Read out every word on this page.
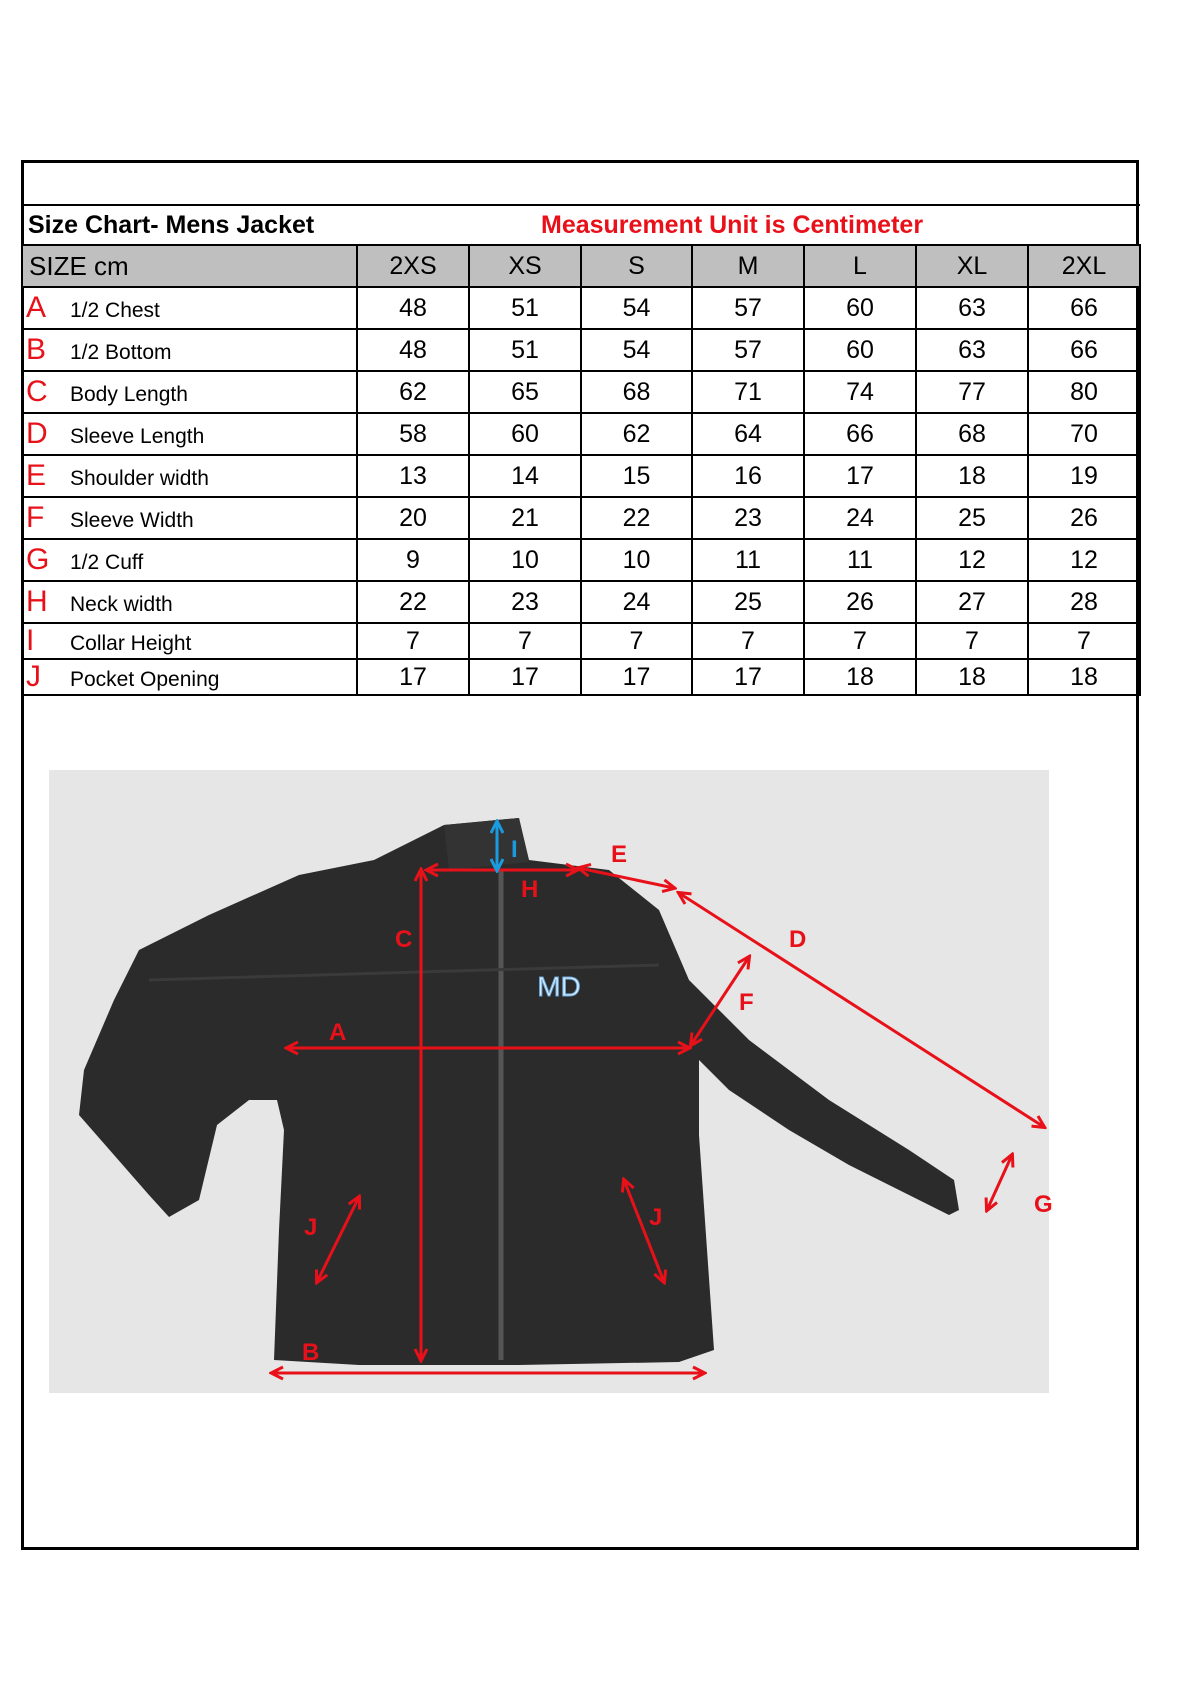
Size Chart- Mens Jacket			Measurement Unit is Centimeter				
SIZE cm	2XS	XS	S	M	L	XL	2XL
A 1/2 Chest	48	51	54	57	60	63	66
B 1/2 Bottom	48	51	54	57	60	63	66
C Body Length	62	65	68	71	74	77	80
D Sleeve Length	58	60	62	64	66	68	70
E Shoulder width	13	14	15	16	17	18	19
F Sleeve Width	20	21	22	23	24	25	26
G 1/2 Cuff	9	10	10	11	11	12	12
H Neck width	22	23	24	25	26	27	28
I Collar Height	7	7	7	7	7	7	7
J Pocket Opening	17	17	17	17	18	18	18
MD
A
B
C	D
E
F
G
H
I
J	J
